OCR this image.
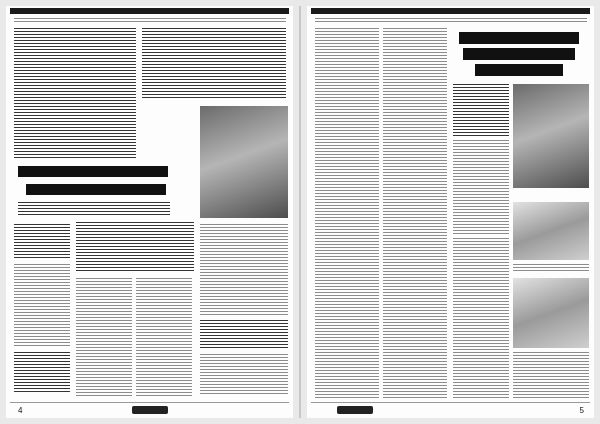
4	5
